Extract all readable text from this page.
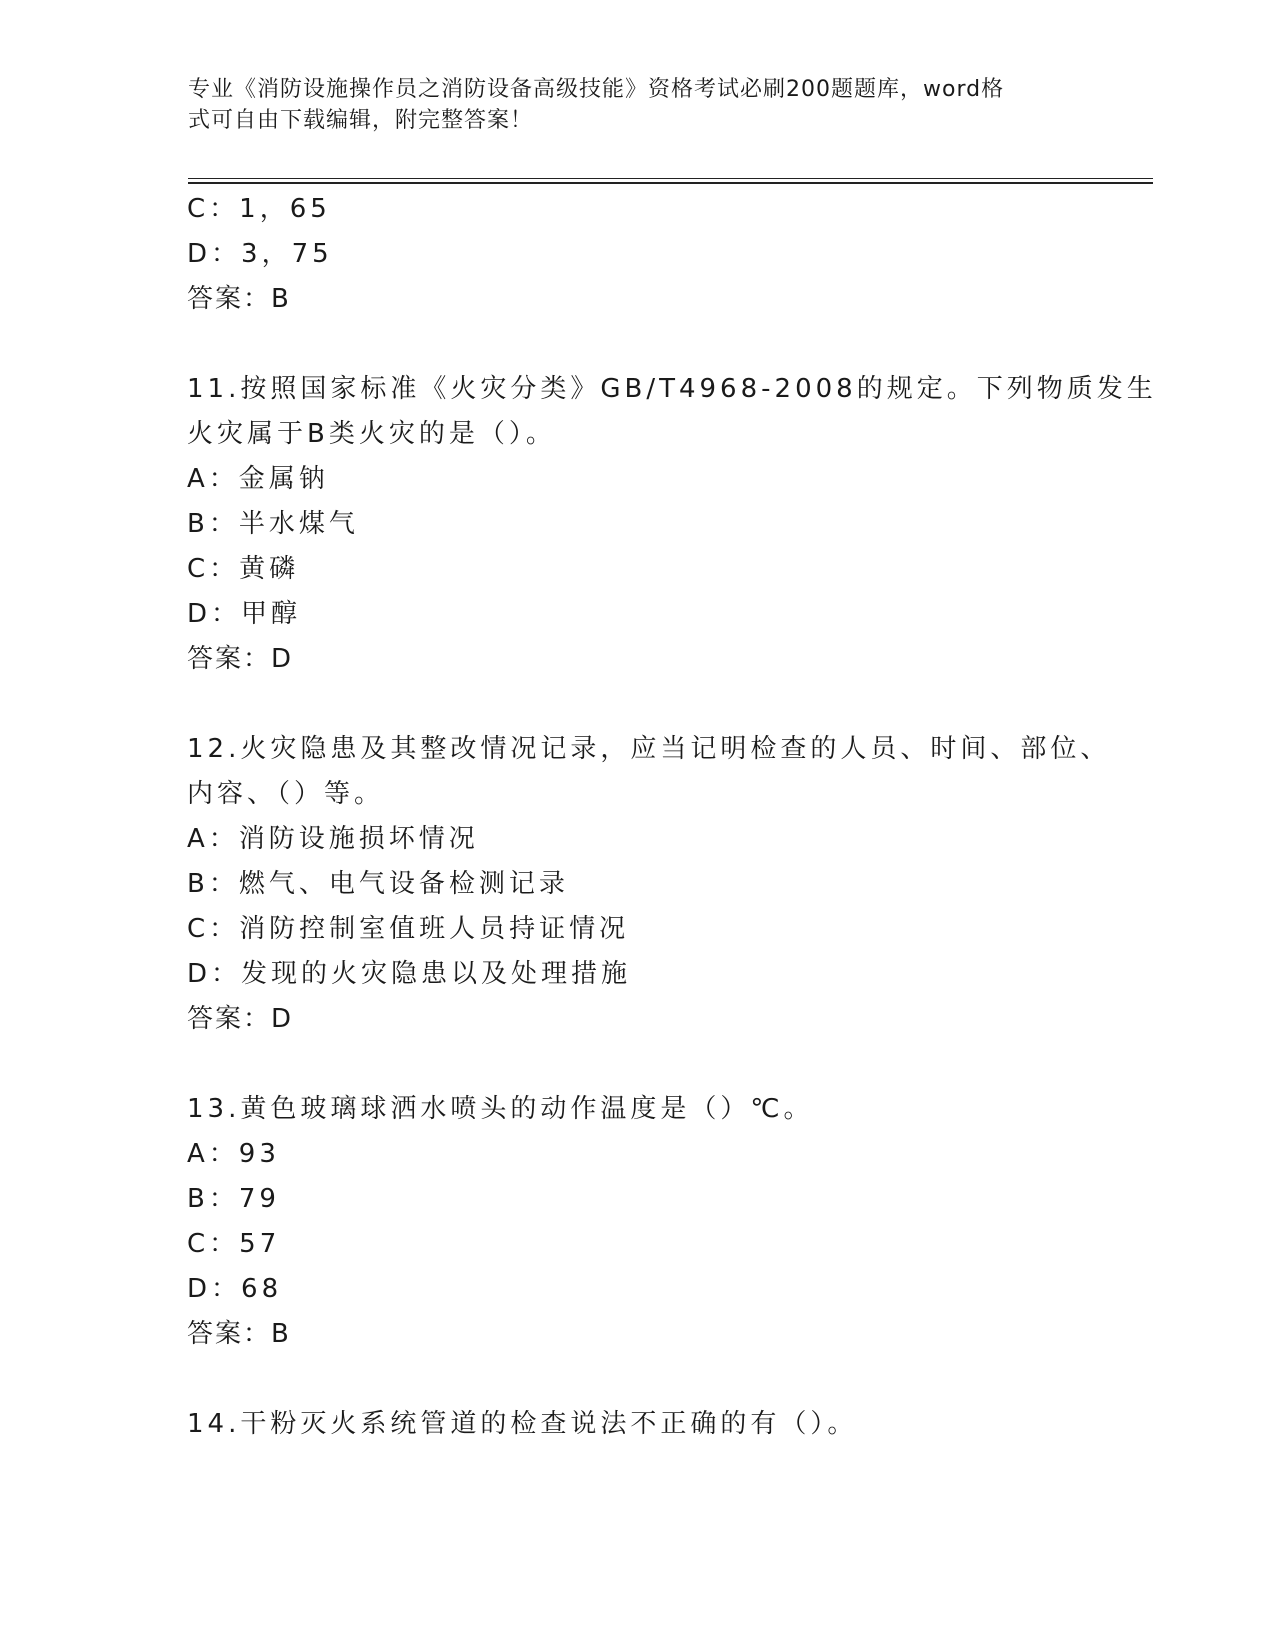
专业《消防设施操作员之消防设备高级技能》资格考试必刷200题题库，word格
式可自由下载编辑，附完整答案！
C：1，65
D：3，75
答案：B
11.按照国家标准《火灾分类》GB/T4968-2008的规定。下列物质发生
火灾属于B类火灾的是（）。
A：金属钠
B：半水煤气
C：黄磷
D：甲醇
答案：D
12.火灾隐患及其整改情况记录，应当记明检查的人员、时间、部位、
内容、（）等。
A：消防设施损坏情况
B：燃气、电气设备检测记录
C：消防控制室值班人员持证情况
D：发现的火灾隐患以及处理措施
答案：D
13.黄色玻璃球洒水喷头的动作温度是（）℃。
A：93
B：79
C：57
D：68
答案：B
14.干粉灭火系统管道的检查说法不正确的有（）。
